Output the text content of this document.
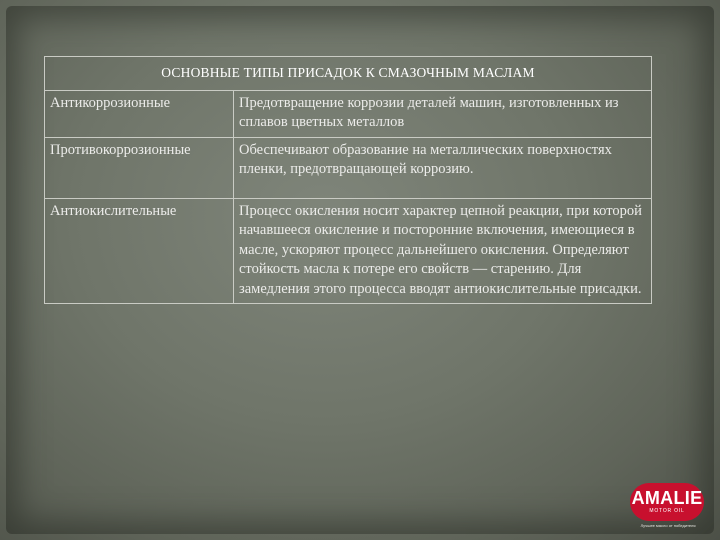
ОСНОВНЫЕ ТИПЫ ПРИСАДОК К СМАЗОЧНЫМ МАСЛАМ	
Антикоррозионные	Предотвращение коррозии деталей машин, изготовленных из сплавов цветных металлов
Противокоррозионные	Обеспечивают образование на металлических поверхностях пленки, предотвращающей коррозию.
Антиокислительные	Процесс окисления носит характер цепной реакции, при которой начавшееся окисление и посторонние включения, имеющиеся в масле, ускоряют процесс дальнейшего окисления. Определяют стойкость масла к потере его свойств — старению. Для замедления этого процесса вводят антиокислительные присадки.
AMALIE
MOTOR OIL
Лучшее масло от победителя
